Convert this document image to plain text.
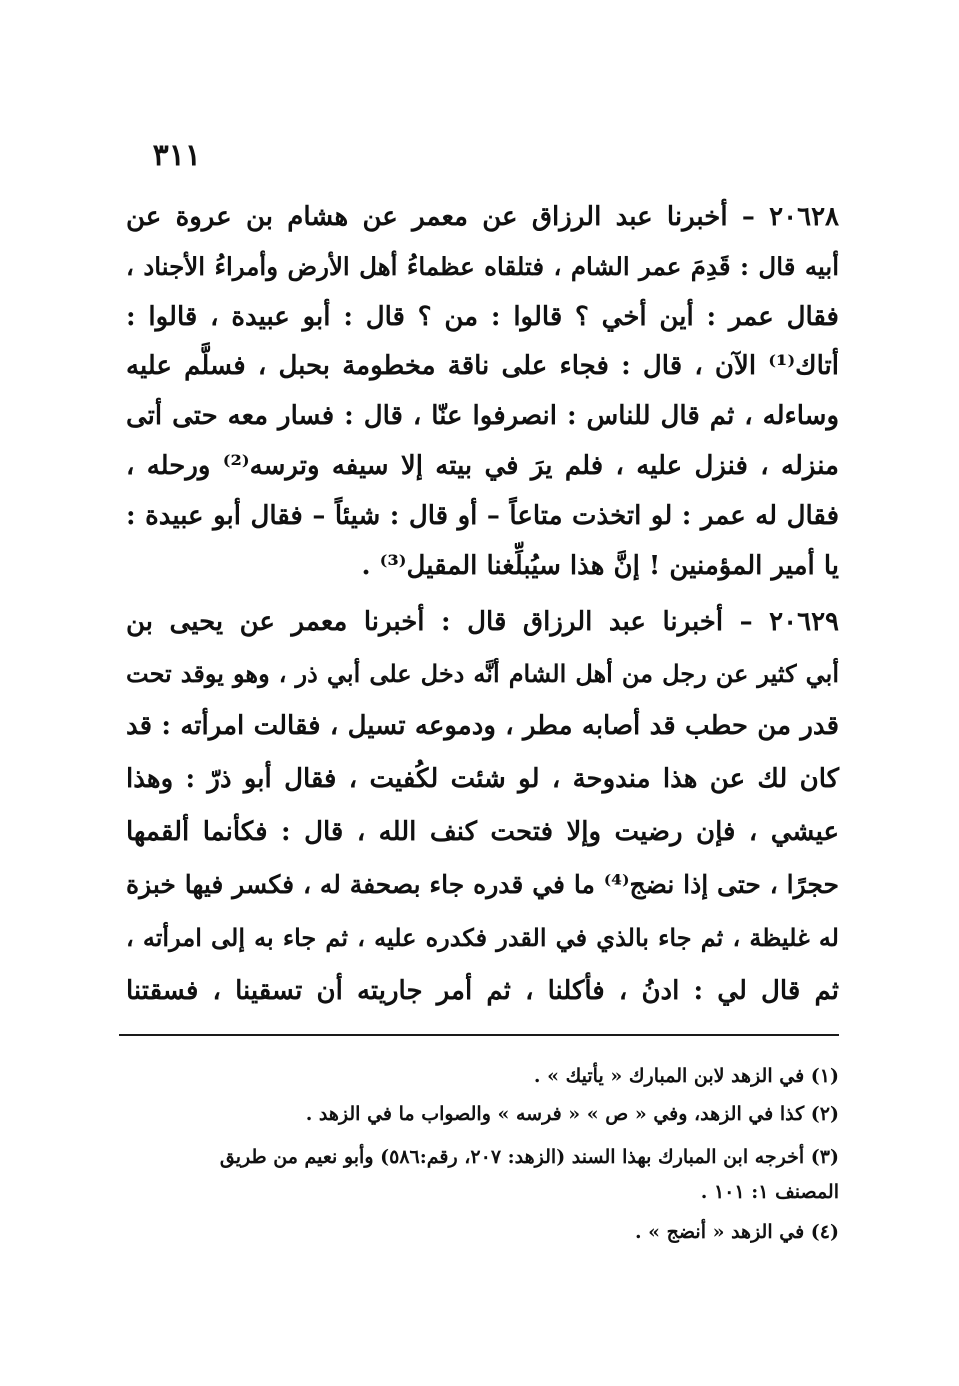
٣١١
٢٠٦٢٨ – أخبرنا عبد الرزاق عن معمر عن هشام بن عروة عن
أبيه قال : قَدِمَ عمر الشام ، فتلقاه عظماءُ أهل الأرض وأمراءُ الأجناد ،
فقال عمر : أين أخي ؟ قالوا : من ؟ قال : أبو عبيدة ، قالوا :
أتاك⁽¹⁾ الآن ، قال : فجاء على ناقة مخطومة بحبل ، فسلَّم عليه
وساءله ، ثم قال للناس : انصرفوا عنّا ، قال : فسار معه حتى أتى
منزله ، فنزل عليه ، فلم يرَ في بيته إلا سيفه وترسه⁽²⁾ ورحله ،
فقال له عمر : لو اتخذت متاعاً – أو قال : شيئاً – فقال أبو عبيدة :
يا أمير المؤمنين ! إنَّ هذا سيُبلِّغنا المقيل⁽³⁾ .
٢٠٦٢٩ – أخبرنا عبد الرزاق قال : أخبرنا معمر عن يحيى بن
أبي كثير عن رجل من أهل الشام أنَّه دخل على أبي ذر ، وهو يوقد تحت
قدر من حطب قد أصابه مطر ، ودموعه تسيل ، فقالت امرأته : قد
كان لك عن هذا مندوحة ، لو شئت لكُفيت ، فقال أبو ذرّ : وهذا
عيشي ، فإن رضيت وإلا فتحت كنف الله ، قال : فكأنما ألقمها
حجرًا ، حتى إذا نضج⁽⁴⁾ ما في قدره جاء بصحفة له ، فكسر فيها خبزة
له غليظة ، ثم جاء بالذي في القدر فكدره عليه ، ثم جاء به إلى امرأته ،
ثم قال لي : ادنُ ، فأكلنا ، ثم أمر جاريته أن تسقينا ، فسقتنا
(١) في الزهد لابن المبارك « يأتيك » .
(٢) كذا في الزهد، وفي « ص » « فرسه » والصواب ما في الزهد .
(٣) أخرجه ابن المبارك بهذا السند (الزهد: ٢٠٧، رقم:٥٨٦) وأبو نعيم من طريق
المصنف ١: ١٠١ .
(٤) في الزهد « أنضج » .
